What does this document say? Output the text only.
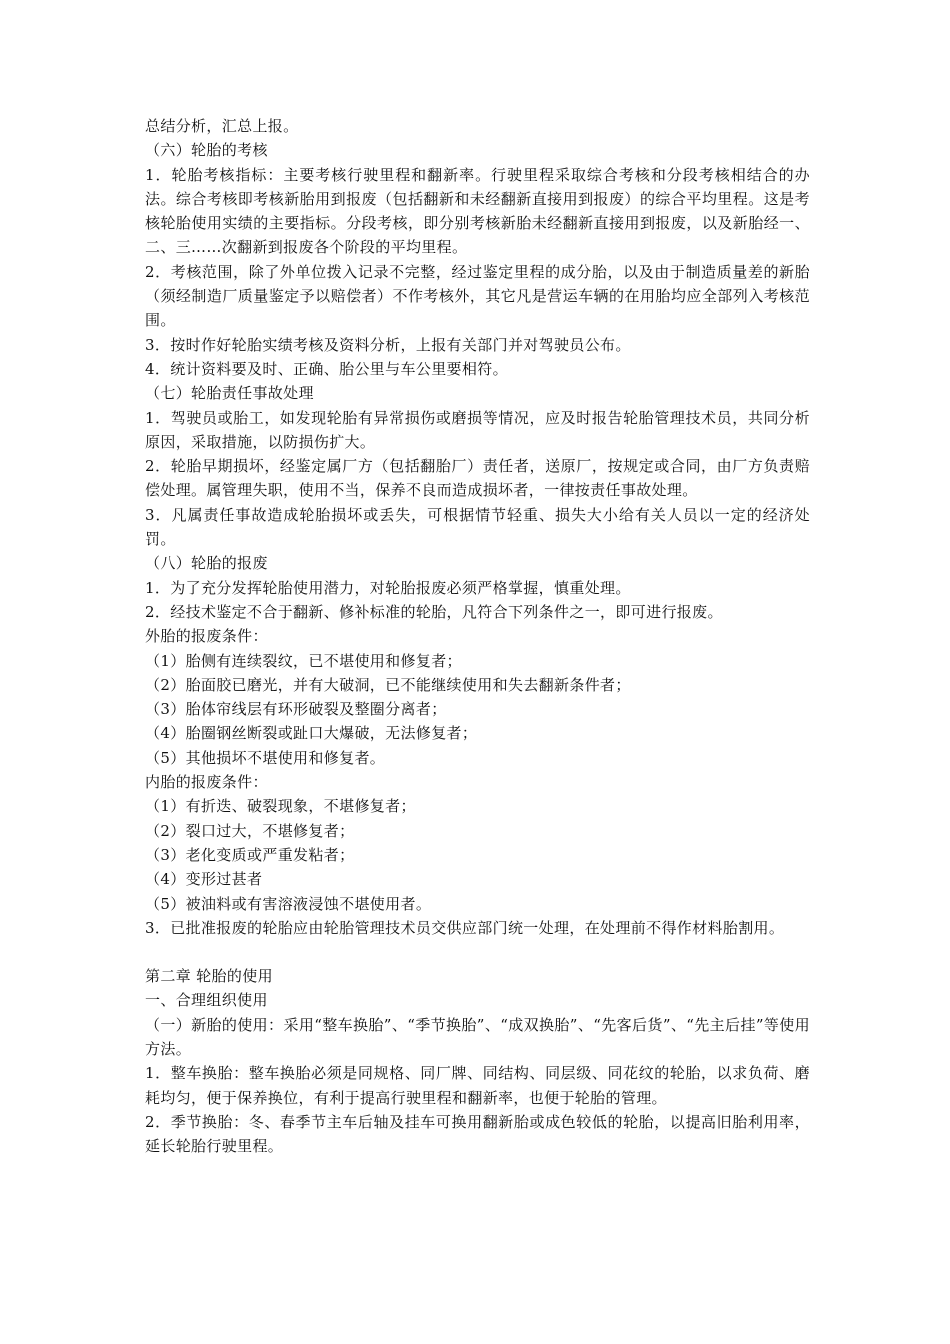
总结分析，汇总上报。

（六）轮胎的考核

1．轮胎考核指标：主要考核行驶里程和翻新率。行驶里程采取综合考核和分段考核相结合的办法。综合考核即考核新胎用到报废（包括翻新和未经翻新直接用到报废）的综合平均里程。这是考核轮胎使用实绩的主要指标。分段考核，即分别考核新胎未经翻新直接用到报废，以及新胎经一、二、三……次翻新到报废各个阶段的平均里程。

2．考核范围，除了外单位拨入记录不完整，经过鉴定里程的成分胎，以及由于制造质量差的新胎（须经制造厂质量鉴定予以赔偿者）不作考核外，其它凡是营运车辆的在用胎均应全部列入考核范围。

3．按时作好轮胎实绩考核及资料分析，上报有关部门并对驾驶员公布。

4．统计资料要及时、正确、胎公里与车公里要相符。

（七）轮胎责任事故处理

1．驾驶员或胎工，如发现轮胎有异常损伤或磨损等情况，应及时报告轮胎管理技术员，共同分析原因，采取措施，以防损伤扩大。

2．轮胎早期损坏，经鉴定属厂方（包括翻胎厂）责任者，送原厂，按规定或合同，由厂方负责赔偿处理。属管理失职，使用不当，保养不良而造成损坏者，一律按责任事故处理。

3．凡属责任事故造成轮胎损坏或丢失，可根据情节轻重、损失大小给有关人员以一定的经济处罚。

（八）轮胎的报废

1．为了充分发挥轮胎使用潜力，对轮胎报废必须严格掌握，慎重处理。

2．经技术鉴定不合于翻新、修补标准的轮胎，凡符合下列条件之一，即可进行报废。

外胎的报废条件：

（1）胎侧有连续裂纹，已不堪使用和修复者；

（2）胎面胶已磨光，并有大破洞，已不能继续使用和失去翻新条件者；

（3）胎体帘线层有环形破裂及整圈分离者；

（4）胎圈钢丝断裂或趾口大爆破，无法修复者；

（5）其他损坏不堪使用和修复者。

内胎的报废条件：

（1）有折迭、破裂现象，不堪修复者；

（2）裂口过大，不堪修复者；

（3）老化变质或严重发粘者；

（4）变形过甚者

（5）被油料或有害溶液浸蚀不堪使用者。

3．已批准报废的轮胎应由轮胎管理技术员交供应部门统一处理，在处理前不得作材料胎割用。

第二章 轮胎的使用

一、合理组织使用

（一）新胎的使用：采用“整车换胎”、“季节换胎”、“成双换胎”、“先客后货”、“先主后挂”等使用方法。

1．整车换胎：整车换胎必须是同规格、同厂牌、同结构、同层级、同花纹的轮胎，以求负荷、磨耗均匀，便于保养换位，有利于提高行驶里程和翻新率，也便于轮胎的管理。

2．季节换胎：冬、春季节主车后轴及挂车可换用翻新胎或成色较低的轮胎，以提高旧胎利用率，延长轮胎行驶里程。
